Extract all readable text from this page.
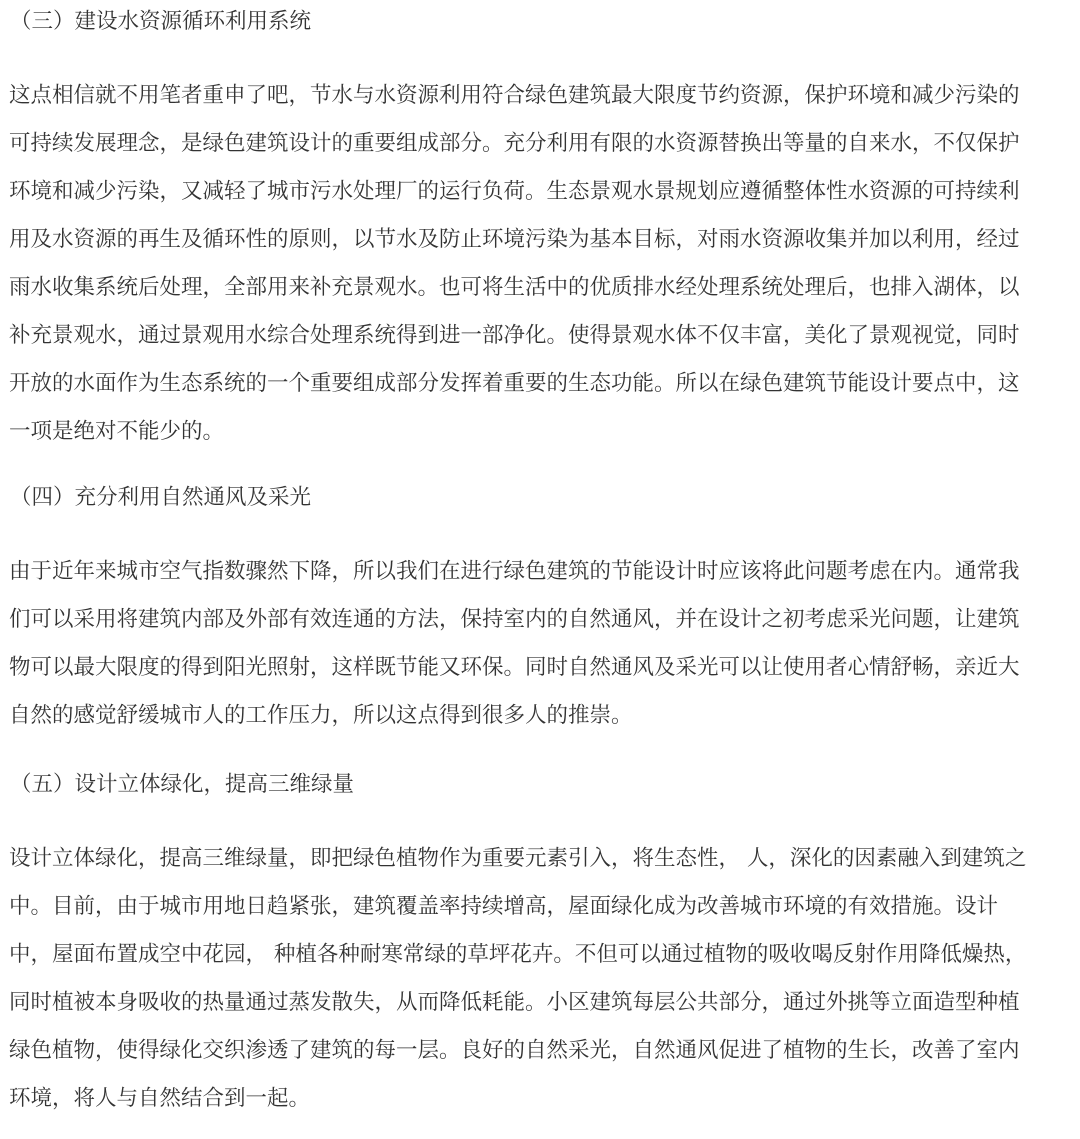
（三）建设水资源循环利用系统
这点相信就不用笔者重申了吧，节水与水资源利用符合绿色建筑最大限度节约资源，保护环境和减少污染的
可持续发展理念，是绿色建筑设计的重要组成部分。充分利用有限的水资源替换出等量的自来水，不仅保护
环境和减少污染，又减轻了城市污水处理厂的运行负荷。生态景观水景规划应遵循整体性水资源的可持续利
用及水资源的再生及循环性的原则，以节水及防止环境污染为基本目标，对雨水资源收集并加以利用，经过
雨水收集系统后处理，全部用来补充景观水。也可将生活中的优质排水经处理系统处理后，也排入湖体，以
补充景观水，通过景观用水综合处理系统得到进一部净化。使得景观水体不仅丰富，美化了景观视觉，同时
开放的水面作为生态系统的一个重要组成部分发挥着重要的生态功能。所以在绿色建筑节能设计要点中，这
一项是绝对不能少的。
（四）充分利用自然通风及采光
由于近年来城市空气指数骤然下降，所以我们在进行绿色建筑的节能设计时应该将此问题考虑在内。通常我
们可以采用将建筑内部及外部有效连通的方法，保持室内的自然通风，并在设计之初考虑采光问题，让建筑
物可以最大限度的得到阳光照射，这样既节能又环保。同时自然通风及采光可以让使用者心情舒畅，亲近大
自然的感觉舒缓城市人的工作压力，所以这点得到很多人的推崇。
（五）设计立体绿化，提高三维绿量
设计立体绿化，提高三维绿量，即把绿色植物作为重要元素引入，将生态性， 人，深化的因素融入到建筑之
中。目前，由于城市用地日趋紧张，建筑覆盖率持续增高，屋面绿化成为改善城市环境的有效措施。设计
中，屋面布置成空中花园， 种植各种耐寒常绿的草坪花卉。不但可以通过植物的吸收喝反射作用降低燥热，
同时植被本身吸收的热量通过蒸发散失，从而降低耗能。小区建筑每层公共部分，通过外挑等立面造型种植
绿色植物，使得绿化交织渗透了建筑的每一层。良好的自然采光，自然通风促进了植物的生长，改善了室内
环境，将人与自然结合到一起。
